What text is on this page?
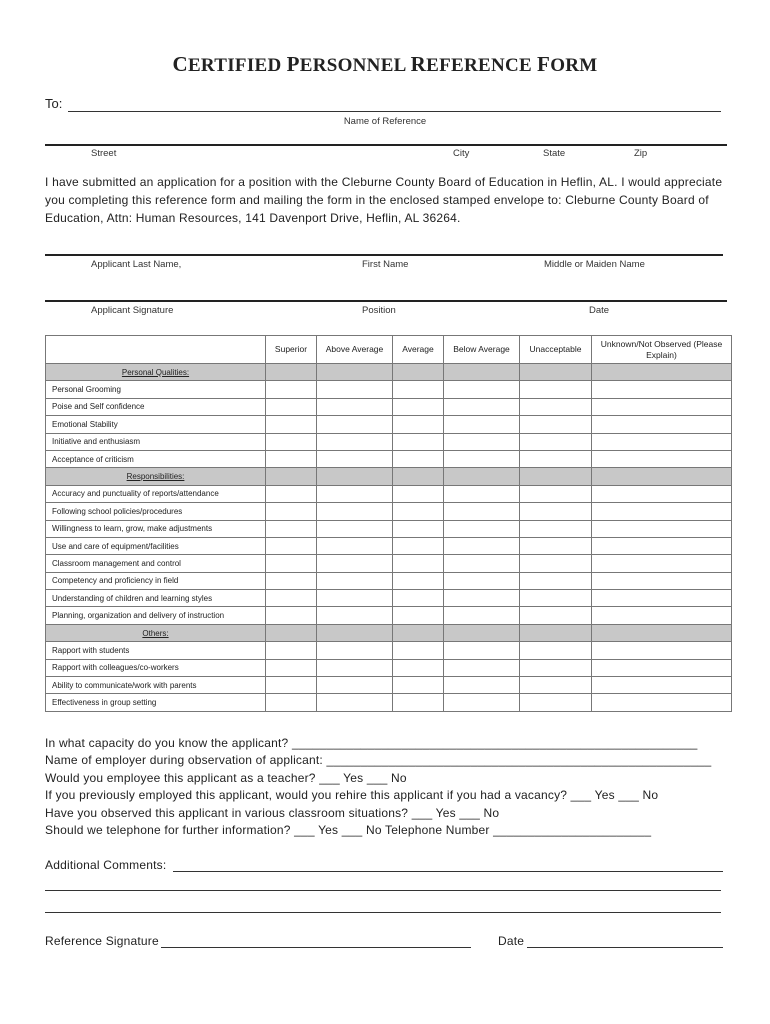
CERTIFIED PERSONNEL REFERENCE FORM
To:
Name of Reference
Street	City	State	Zip
I have submitted an application for a position with the Cleburne County Board of Education in Heflin, AL. I would appreciate you completing this reference form and mailing the form in the enclosed stamped envelope to: Cleburne County Board of Education, Attn: Human Resources, 141 Davenport Drive, Heflin, AL 36264.
Applicant Last Name,	First Name	Middle or Maiden Name
Applicant Signature	Position	Date
	Superior	Above Average	Average	Below Average	Unacceptable	Unknown/Not Observed (Please Explain)
Personal Qualities:						
Personal Grooming						
Poise and Self confidence						
Emotional Stability						
Initiative and enthusiasm						
Acceptance of criticism						
Responsibilities:						
Accuracy and punctuality of reports/attendance						
Following school policies/procedures						
Willingness to learn, grow, make adjustments						
Use and care of equipment/facilities						
Classroom management and control						
Competency and proficiency in field						
Understanding of children and learning styles						
Planning, organization and delivery of instruction						
Others:						
Rapport with students						
Rapport with colleagues/co-workers						
Ability to communicate/work with parents						
Effectiveness in group setting						
In what capacity do you know the applicant? ___________________________________________________________
Name of employer during observation of applicant: ________________________________________________________
Would you employee this applicant as a teacher? ___ Yes ___ No
If you previously employed this applicant, would you rehire this applicant if you had a vacancy? ___ Yes ___ No
Have you observed this applicant in various classroom situations? ___ Yes ___ No
Should we telephone for further information? ___ Yes ___ No Telephone Number _______________________
Additional Comments:
Reference Signature	Date
